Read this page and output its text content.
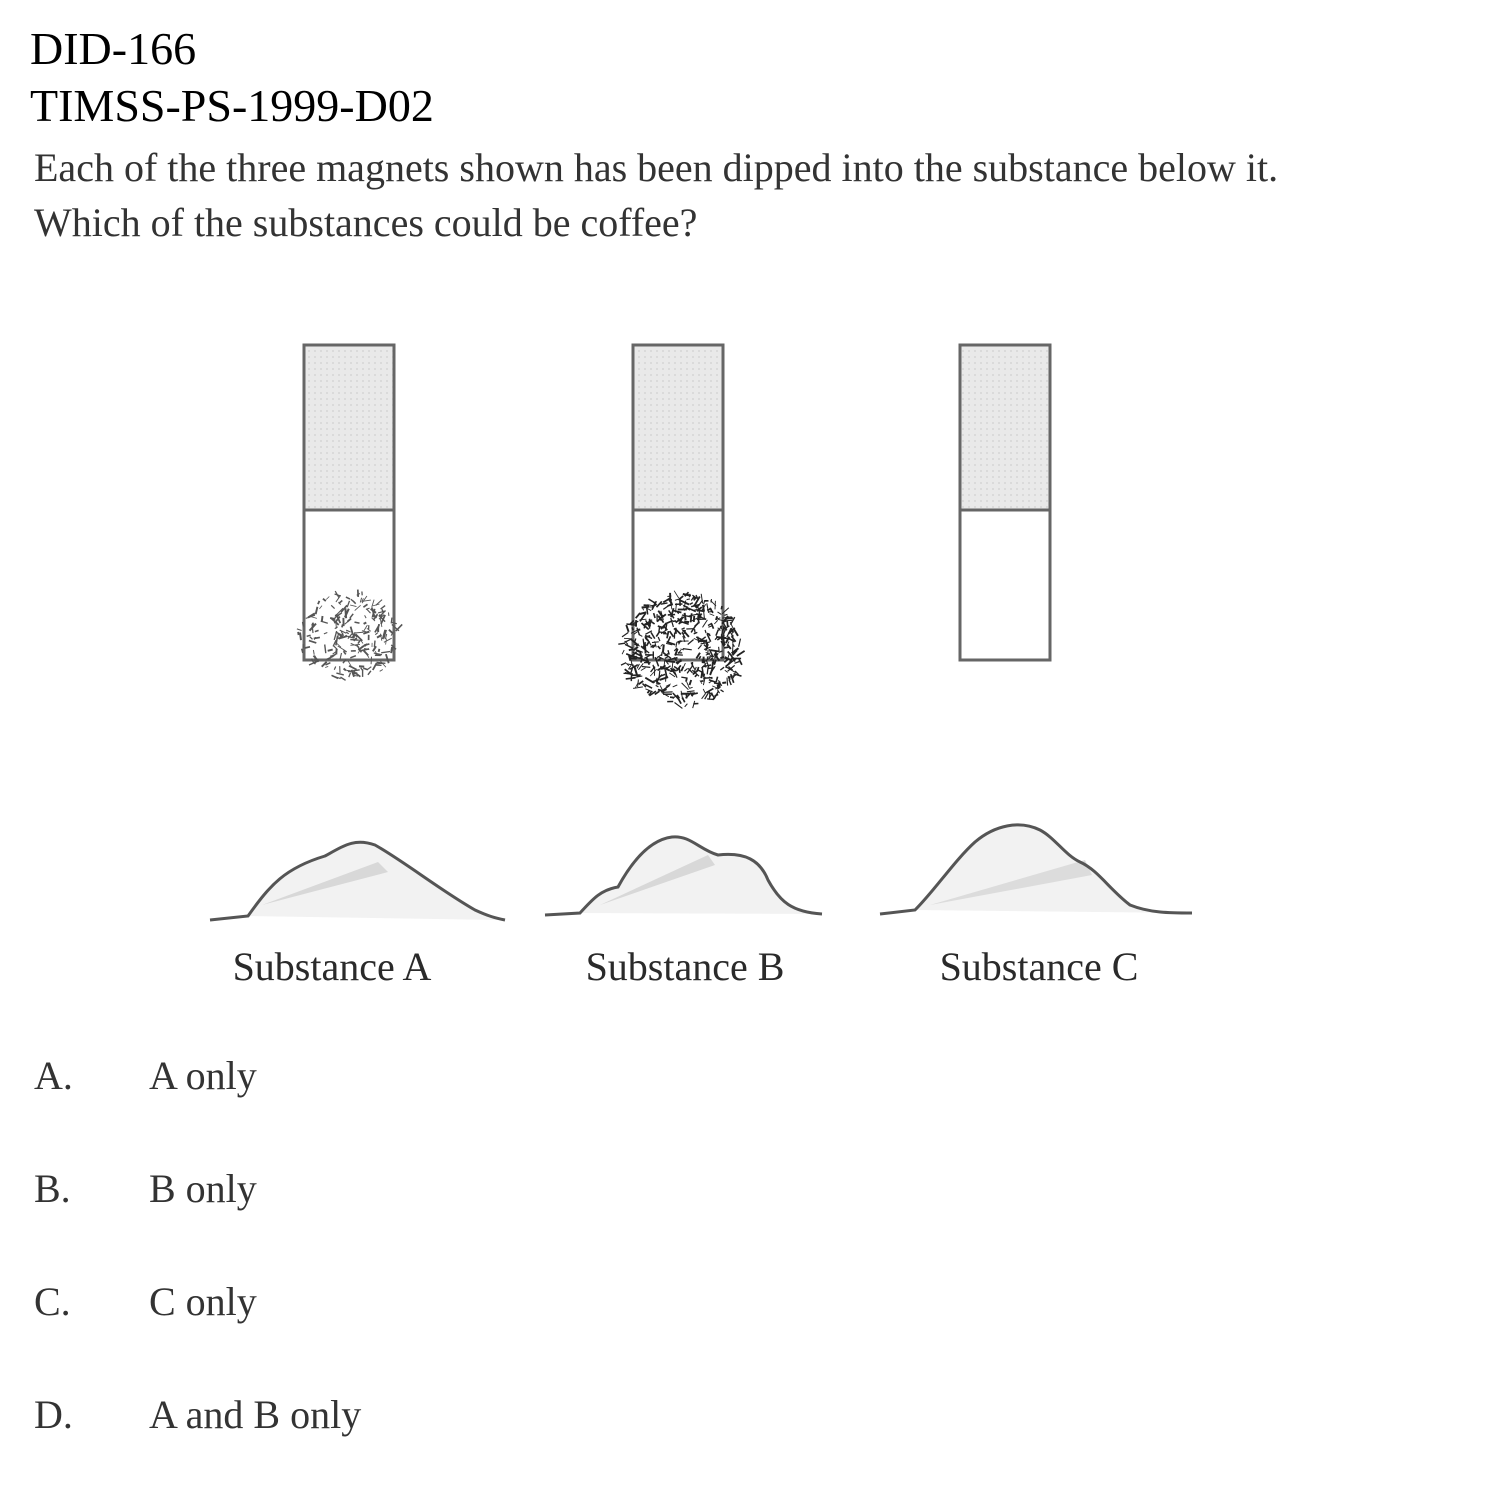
DID-166
TIMSS-PS-1999-D02
Each of the three magnets shown has been dipped into the substance below it.
Which of the substances could be coffee?
Substance A	Substance B	Substance C
A. A only
B. B only
C. C only
D. A and B only
